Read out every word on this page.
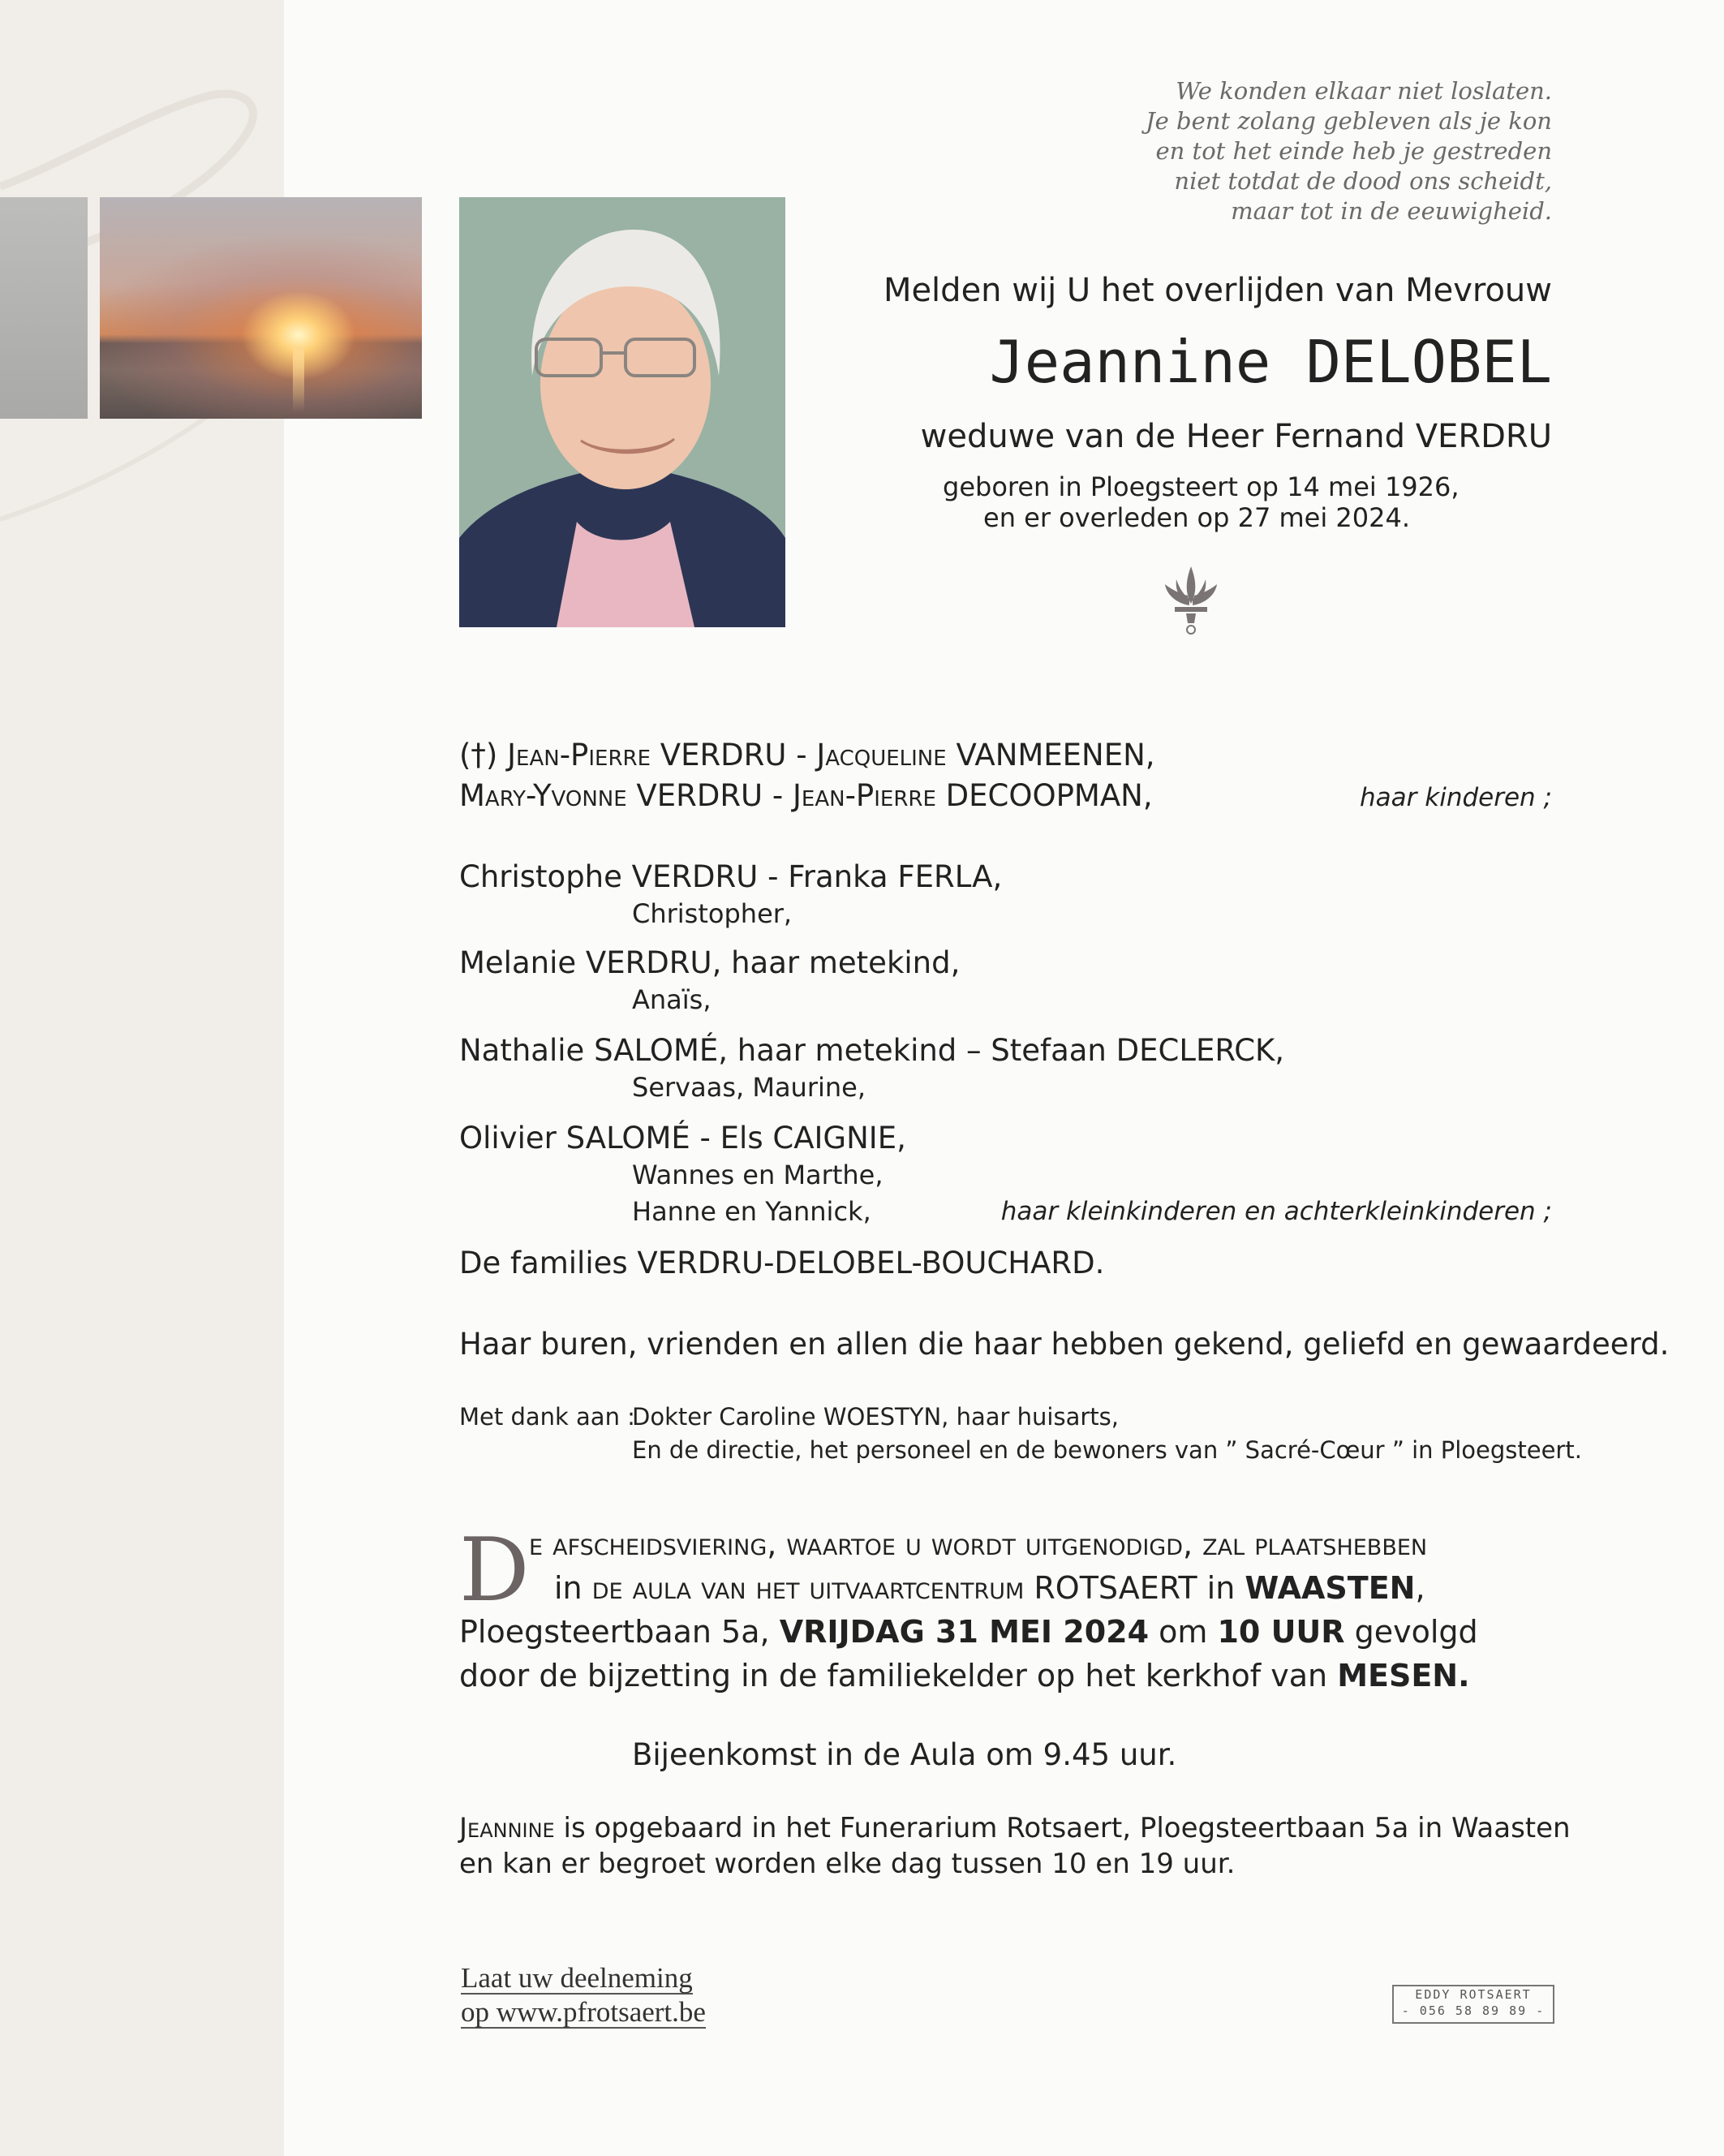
We konden elkaar niet loslaten.
Je bent zolang gebleven als je kon
en tot het einde heb je gestreden
niet totdat de dood ons scheidt,
maar tot in de eeuwigheid.
Melden wij U het overlijden van Mevrouw
Jeannine DELOBEL
weduwe van de Heer Fernand VERDRU
geboren in Ploegsteert op 14 mei 1926,
en er overleden op 27 mei 2024.
(†) Jean-Pierre VERDRU - Jacqueline VANMEENEN,
Mary-Yvonne VERDRU - Jean-Pierre DECOOPMAN,	haar kinderen ;
Christophe VERDRU - Franka FERLA,
Christopher,
Melanie VERDRU, haar metekind,
Anaïs,
Nathalie SALOMÉ, haar metekind – Stefaan DECLERCK,
Servaas, Maurine,
Olivier SALOMÉ - Els CAIGNIE,
Wannes en Marthe,
Hanne en Yannick,	haar kleinkinderen en achterkleinkinderen ;
De families VERDRU-DELOBEL-BOUCHARD.
Haar buren, vrienden en allen die haar hebben gekend, geliefd en gewaardeerd.
Met dank aan :
Dokter Caroline WOESTYN, haar huisarts,
En de directie, het personeel en de bewoners van ” Sacré-Cœur ” in Ploegsteert.
D e afscheidsviering, waartoe u wordt uitgenodigd, zal plaatshebben
in de aula van het uitvaartcentrum ROTSAERT in WAASTEN,
Ploegsteertbaan 5a, VRIJDAG 31 MEI 2024 om 10 UUR gevolgd
door de bijzetting in de familiekelder op het kerkhof van MESEN.
Bijeenkomst in de Aula om 9.45 uur.
Jeannine is opgebaard in het Funerarium Rotsaert, Ploegsteertbaan 5a in Waasten
en kan er begroet worden elke dag tussen 10 en 19 uur.
Laat uw deelneming
op www.pfrotsaert.be
EDDY ROTSAERT
- 056 58 89 89 -
